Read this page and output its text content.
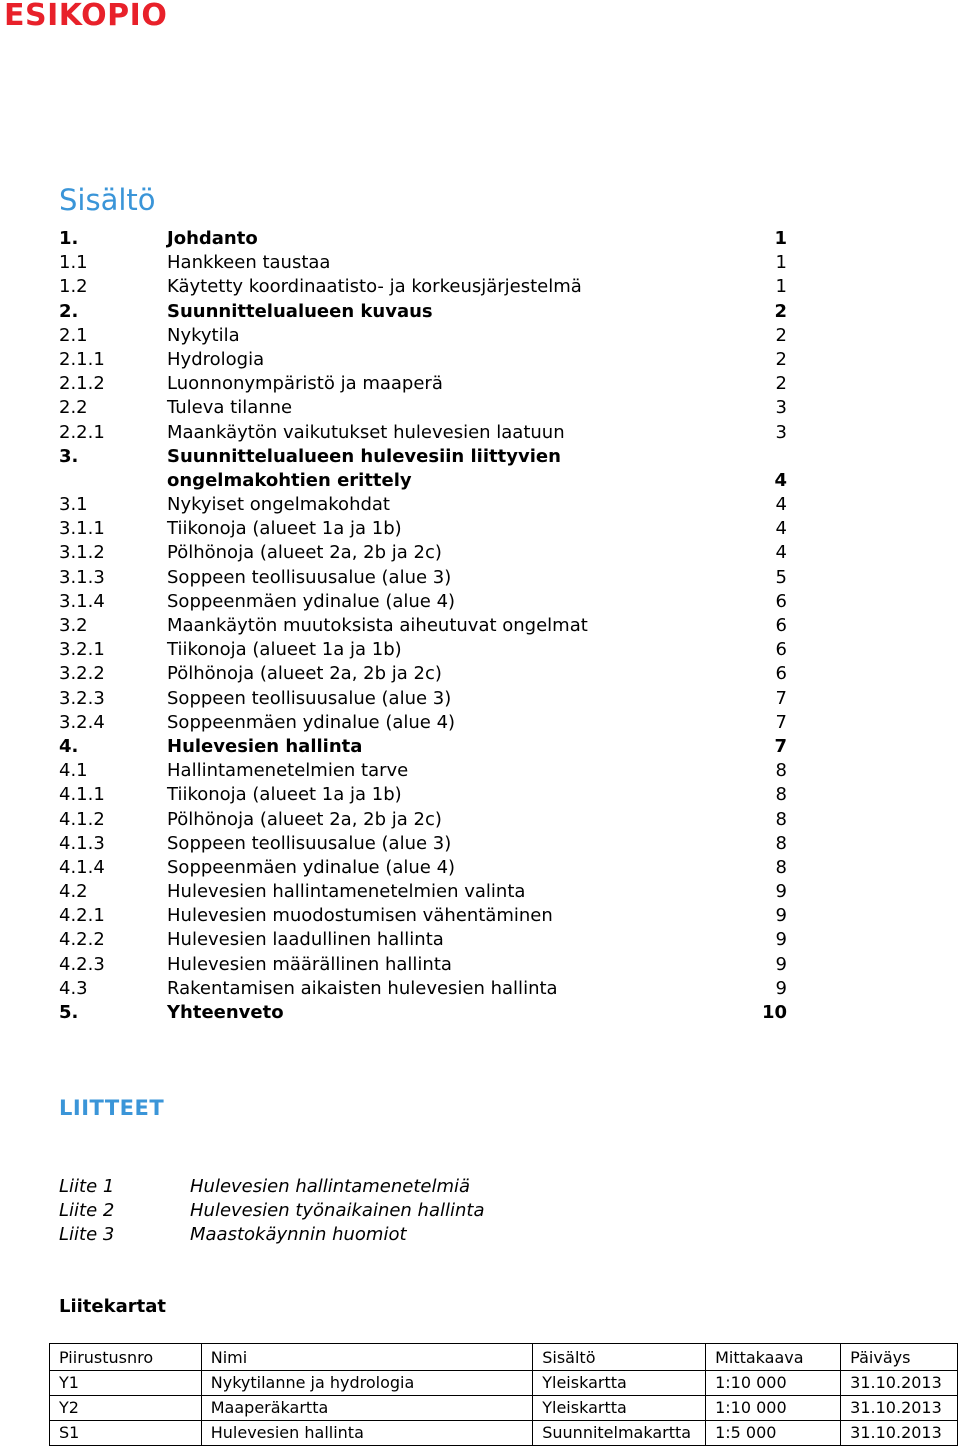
ESIKOPIO
Sisältö
1.	Johdanto	1
1.1	Hankkeen taustaa	1
1.2	Käytetty koordinaatisto- ja korkeusjärjestelmä	1
2.	Suunnittelualueen kuvaus	2
2.1	Nykytila	2
2.1.1	Hydrologia	2
2.1.2	Luonnonympäristö ja maaperä	2
2.2	Tuleva tilanne	3
2.2.1	Maankäytön vaikutukset hulevesien laatuun	3
3.	Suunnittelualueen hulevesiin liittyvien
ongelmakohtien erittely	4
3.1	Nykyiset ongelmakohdat	4
3.1.1	Tiikonoja (alueet 1a ja 1b)	4
3.1.2	Pölhönoja (alueet 2a, 2b ja 2c)	4
3.1.3	Soppeen teollisuusalue (alue 3)	5
3.1.4	Soppeenmäen ydinalue (alue 4)	6
3.2	Maankäytön muutoksista aiheutuvat ongelmat	6
3.2.1	Tiikonoja (alueet 1a ja 1b)	6
3.2.2	Pölhönoja (alueet 2a, 2b ja 2c)	6
3.2.3	Soppeen teollisuusalue (alue 3)	7
3.2.4	Soppeenmäen ydinalue (alue 4)	7
4.	Hulevesien hallinta	7
4.1	Hallintamenetelmien tarve	8
4.1.1	Tiikonoja (alueet 1a ja 1b)	8
4.1.2	Pölhönoja (alueet 2a, 2b ja 2c)	8
4.1.3	Soppeen teollisuusalue (alue 3)	8
4.1.4	Soppeenmäen ydinalue (alue 4)	8
4.2	Hulevesien hallintamenetelmien valinta	9
4.2.1	Hulevesien muodostumisen vähentäminen	9
4.2.2	Hulevesien laadullinen hallinta	9
4.2.3	Hulevesien määrällinen hallinta	9
4.3	Rakentamisen aikaisten hulevesien hallinta	9
5.	Yhteenveto	10
LIITTEET
Liite 1	Hulevesien hallintamenetelmiä
Liite 2	Hulevesien työnaikainen hallinta
Liite 3	Maastokäynnin huomiot
Liitekartat
Piirustusnro	Nimi	Sisältö	Mittakaava	Päiväys
Y1	Nykytilanne ja hydrologia	Yleiskartta	1:10 000	31.10.2013
Y2	Maaperäkartta	Yleiskartta	1:10 000	31.10.2013
S1	Hulevesien hallinta	Suunnitelmakartta	1:5 000	31.10.2013
